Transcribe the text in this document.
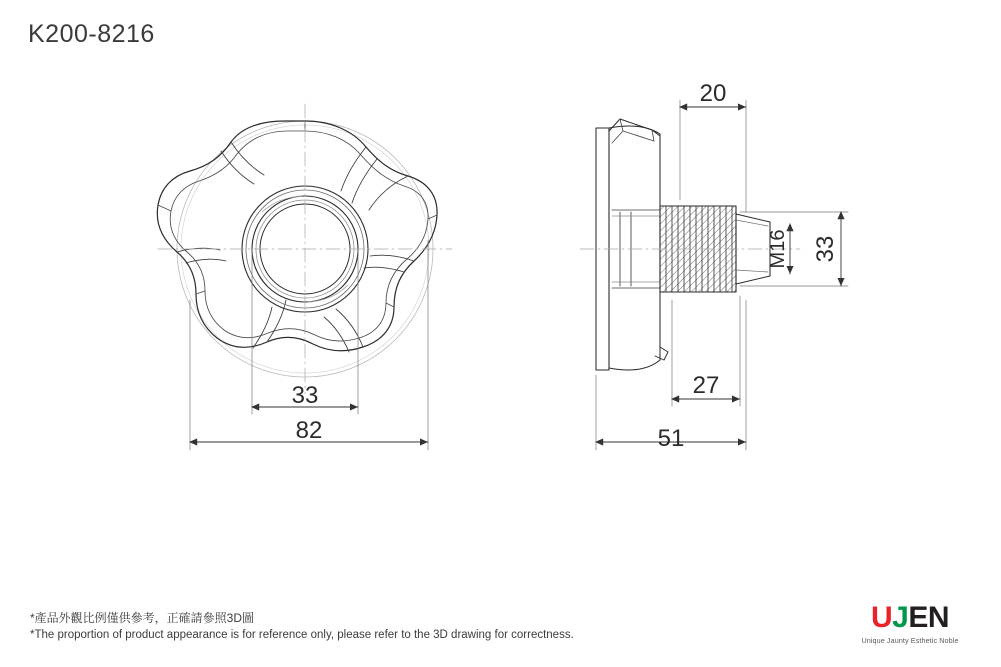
K200-8216
33
82
20
27
51
33
M16
*產品外觀比例僅供參考，正確請參照3D圖
*The proportion of product appearance is for reference only, please refer to the 3D drawing for correctness.
UJEN
Unique Jaunty Esthetic Noble
